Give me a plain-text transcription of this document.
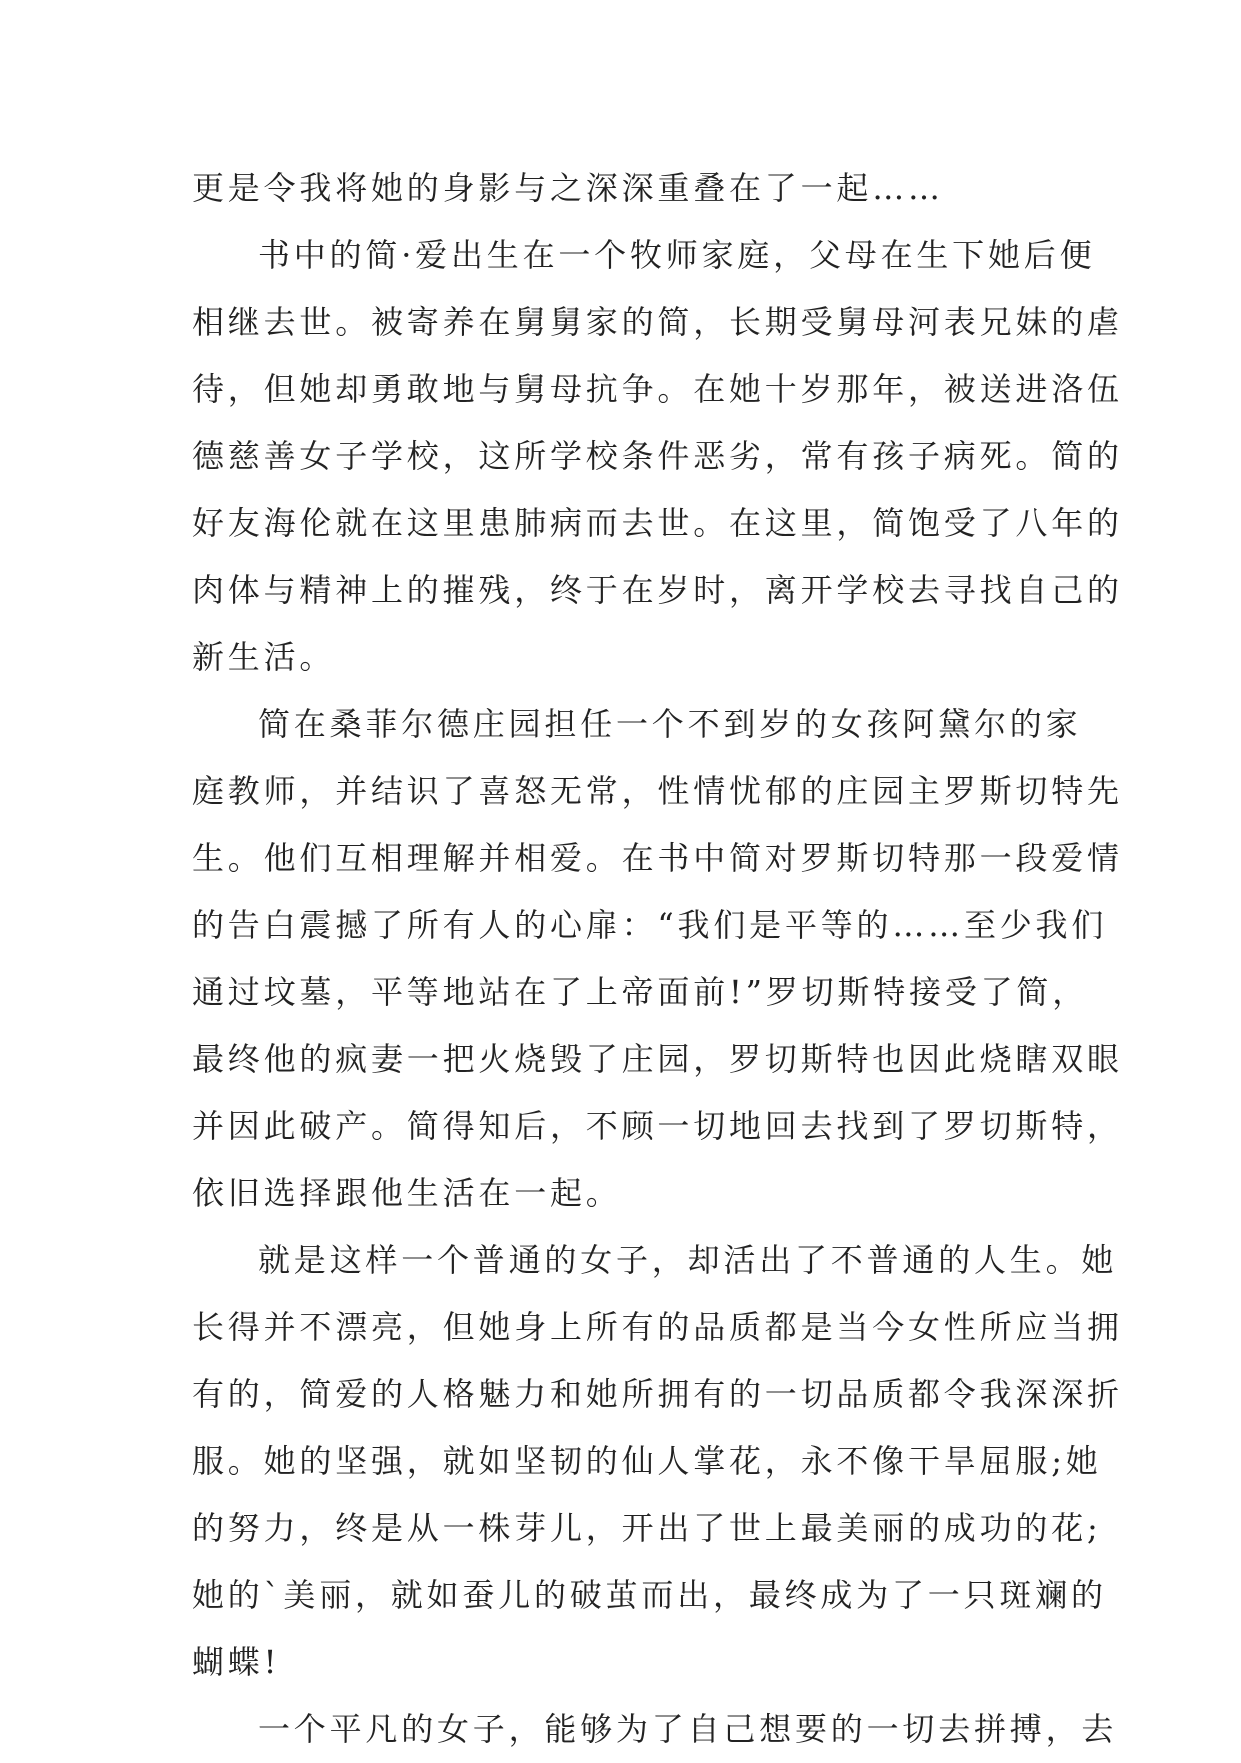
更是令我将她的身影与之深深重叠在了一起……
书中的简·爱出生在一个牧师家庭，父母在生下她后便
相继去世。被寄养在舅舅家的简，长期受舅母河表兄妹的虐
待，但她却勇敢地与舅母抗争。在她十岁那年，被送进洛伍
德慈善女子学校，这所学校条件恶劣，常有孩子病死。简的
好友海伦就在这里患肺病而去世。在这里，简饱受了八年的
肉体与精神上的摧残，终于在岁时，离开学校去寻找自己的
新生活。
简在桑菲尔德庄园担任一个不到岁的女孩阿黛尔的家
庭教师，并结识了喜怒无常，性情忧郁的庄园主罗斯切特先
生。他们互相理解并相爱。在书中简对罗斯切特那一段爱情
的告白震撼了所有人的心扉：“我们是平等的……至少我们
通过坟墓，平等地站在了上帝面前!”罗切斯特接受了简，
最终他的疯妻一把火烧毁了庄园，罗切斯特也因此烧瞎双眼
并因此破产。简得知后，不顾一切地回去找到了罗切斯特，
依旧选择跟他生活在一起。
就是这样一个普通的女子，却活出了不普通的人生。她
长得并不漂亮，但她身上所有的品质都是当今女性所应当拥
有的，简爱的人格魅力和她所拥有的一切品质都令我深深折
服。她的坚强，就如坚韧的仙人掌花，永不像干旱屈服;她
的努力，终是从一株芽儿，开出了世上最美丽的成功的花;
她的`美丽，就如蚕儿的破茧而出，最终成为了一只斑斓的
蝴蝶!
一个平凡的女子，能够为了自己想要的一切去拼搏，去
